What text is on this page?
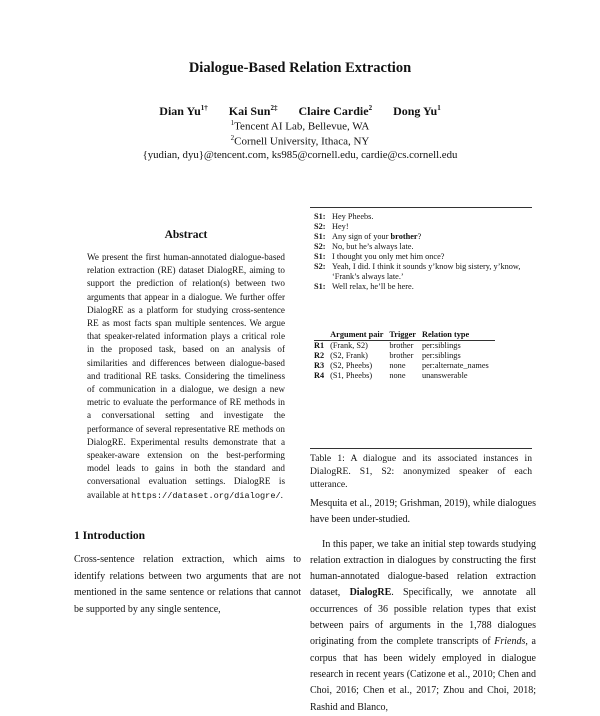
Dialogue-Based Relation Extraction
Dian $Yu^{1\dagger}$ Kai Sun$^{2\ddagger}$ Claire Cardie$^2$ Dong Yu$^1$
$^1$Tencent AI Lab, Bellevue, WA
$^2$Cornell University, Ithaca, NY
{yudian, dyu}@tencent.com, ks985@cornell.edu, cardie@cs.cornell.edu
Abstract
We present the first human-annotated dialogue-based relation extraction (RE) dataset DialogRE, aiming to support the prediction of relation(s) between two arguments that appear in a dialogue. We further offer DialogRE as a platform for studying cross-sentence RE as most facts span multiple sentences. We argue that speaker-related information plays a critical role in the proposed task, based on an analysis of similarities and differences between dialogue-based and traditional RE tasks. Considering the timeliness of communication in a dialogue, we design a new metric to evaluate the performance of RE methods in a conversational setting and investigate the performance of several representative RE methods on DialogRE. Experimental results demonstrate that a speaker-aware extension on the best-performing model leads to gains in both the standard and conversational evaluation settings. DialogRE is available at https://dataset.org/dialogre/.
1 Introduction
Cross-sentence relation extraction, which aims to identify relations between two arguments that are not mentioned in the same sentence or relations that cannot be supported by any single sentence,
S1: Hey Pheebs.
S2: Hey!
S1: Any sign of your brother?
S2: No, but he’s always late.
S1: I thought you only met him once?
S2: Yeah, I did. I think it sounds y’know big sistery, y’know, ‘Frank’s always late.’
S1: Well relax, he’ll be here.
	Argument pair	Trigger	Relation type
R1	(Frank, S2)	brother	per:siblings
R2	(S2, Frank)	brother	per:siblings
R3	(S2, Pheebs)	none	per:alternate_names
R4	(S1, Pheebs)	none	unanswerable
Table 1: A dialogue and its associated instances in DialogRE. S1, S2: anonymized speaker of each utterance.

Mesquita et al., 2019; Grishman, 2019), while dialogues have been under-studied.

In this paper, we take an initial step towards studying relation extraction in dialogues by constructing the first human-annotated dialogue-based relation extraction dataset, DialogRE. Specifically, we annotate all occurrences of 36 possible relation types that exist between pairs of arguments in the 1,788 dialogues originating from the complete transcripts of Friends, a corpus that has been widely employed in dialogue research in recent years (Catizone et al., 2010; Chen and Choi, 2016; Chen et al., 2017; Zhou and Choi, 2018; Rashid and Blanco,
